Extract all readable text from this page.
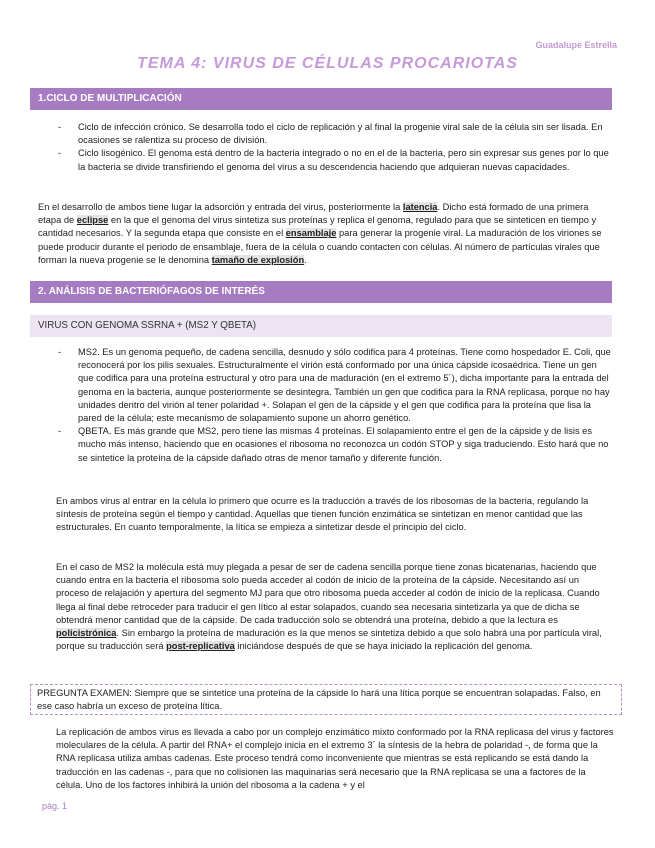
Guadalupe Estrella
TEMA 4: VIRUS DE CÉLULAS PROCARIOTAS
1.CICLO DE MULTIPLICACIÓN
- Ciclo de infección crónico. Se desarrolla todo el ciclo de replicación y al final la progenie viral sale de la célula sin ser lisada. En ocasiones se ralentiza su proceso de división.
- Ciclo lisogénico. El genoma está dentro de la bacteria integrado o no en el de la bacteria, pero sin expresar sus genes por lo que la bacteria se divide transfiriendo el genoma del virus a su descendencia haciendo que adquieran nuevas capacidades.

En el desarrollo de ambos tiene lugar la adsorción y entrada del virus, posteriormente la latencia. Dicho está formado de una primera etapa de eclipse en la que el genoma del virus sintetiza sus proteínas y replica el genoma, regulado para que se sinteticen en tiempo y cantidad necesarios. Y la segunda etapa que consiste en el ensamblaje para generar la progenie viral. La maduración de los viriones se puede producir durante el periodo de ensamblaje, fuera de la célula o cuando contacten con células. Al número de partículas virales que forman la nueva progenie se le denomina tamaño de explosión.

2. ANÁLISIS DE BACTERIÓFAGOS DE INTERÉS
VIRUS CON GENOMA SSRNA + (MS2 Y QBETA)
- MS2. Es un genoma pequeño, de cadena sencilla, desnudo y sólo codifica para 4 proteínas. Tiene como hospedador E. Coli, que reconocerá por los pilis sexuales. Estructuralmente el virión está conformado por una única cápside icosaédrica. Tiene un gen que codifica para una proteína estructural y otro para una de maduración (en el extremo 5´), dicha importante para la entrada del genoma en la bacteria, aunque posteriormente se desintegra. También un gen que codifica para la RNA replicasa, porque no hay unidades dentro del virión al tener polaridad +. Solapan el gen de la cápside y el gen que codifica para la proteína que lisa la pared de la célula; este mecanismo de solapamiento supone un ahorro genético.
- QBETA. Es más grande que MS2, pero tiene las mismas 4 proteínas. El solapamiento entre el gen de la cápside y de lisis es mucho más intenso, haciendo que en ocasiones el ribosoma no reconozca un codón STOP y siga traduciendo. Esto hará que no se sintetice la proteína de la cápside dañado otras de menor tamaño y diferente función.

En ambos virus al entrar en la célula lo primero que ocurre es la traducción a través de los ribosomas de la bacteria, regulando la síntesis de proteína según el tiempo y cantidad. Aquellas que tienen función enzimática se sintetizan en menor cantidad que las estructurales. En cuanto temporalmente, la lítica se empieza a sintetizar desde el principio del ciclo.

En el caso de MS2 la molécula está muy plegada a pesar de ser de cadena sencilla porque tiene zonas bicatenarias, haciendo que cuando entra en la bacteria el ribosoma solo pueda acceder al codón de inicio de la proteína de la cápside. Necesitando así un proceso de relajación y apertura del segmento MJ para que otro ribosoma pueda acceder al codón de inicio de la replicasa. Cuando llega al final debe retroceder para traducir el gen lítico al estar solapados, cuando sea necesaria sintetizarla ya que de dicha se obtendrá menor cantidad que de la cápside. De cada traducción solo se obtendrá una proteína, debido a que la lectura es policistrónica. Sin embargo la proteína de maduración es la que menos se sintetiza debido a que solo habrá una por partícula viral, porque su traducción será post-replicativa iniciándose después de que se haya iniciado la replicación del genoma.

PREGUNTA EXAMEN: Siempre que se sintetice una proteína de la cápside lo hará una lítica porque se encuentran solapadas. Falso, en ese caso habría un exceso de proteína lítica.

La replicación de ambos virus es llevada a cabo por un complejo enzimático mixto conformado por la RNA replicasa del virus y factores moleculares de la célula. A partir del RNA+ el complejo inicia en el extremo 3´ la síntesis de la hebra de polaridad -, de forma que la RNA replicasa utiliza ambas cadenas. Este proceso tendrá como inconveniente que mientras se está replicando se está dando la traducción en las cadenas -, para que no colisionen las maquinarias será necesario que la RNA replicasa se una a factores de la célula. Uno de los factores inhibirá la unión del ribosoma a la cadena + y el

pág. 1
